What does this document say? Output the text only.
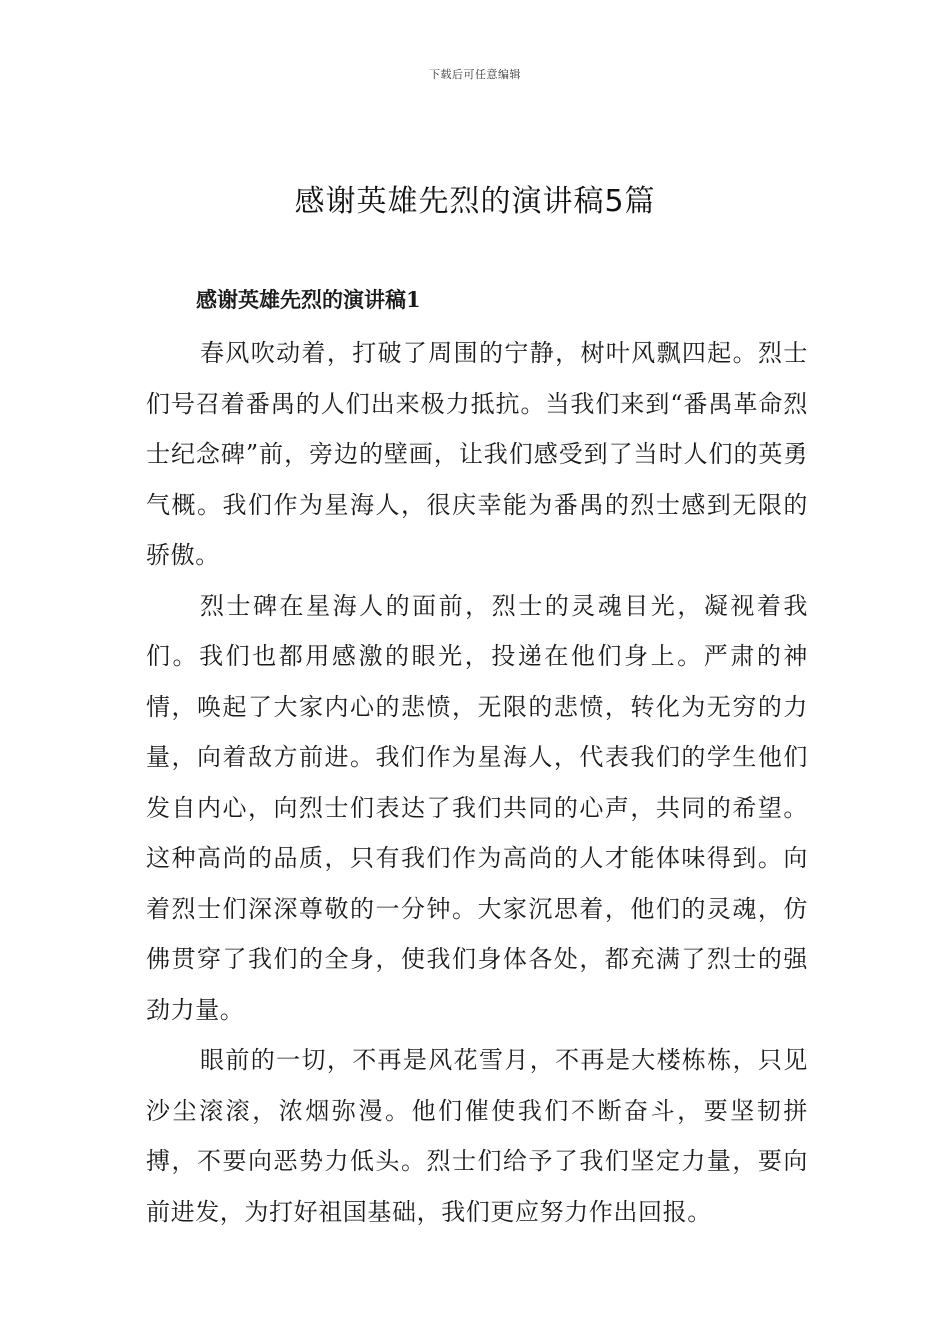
下载后可任意编辑
感谢英雄先烈的演讲稿5篇
感谢英雄先烈的演讲稿1

春风吹动着，打破了周围的宁静，树叶风飘四起。烈士们号召着番禺的人们出来极力抵抗。当我们来到“番禺革命烈士纪念碑”前，旁边的壁画，让我们感受到了当时人们的英勇气概。我们作为星海人，很庆幸能为番禺的烈士感到无限的骄傲。

烈士碑在星海人的面前，烈士的灵魂目光，凝视着我们。我们也都用感激的眼光，投递在他们身上。严肃的神情，唤起了大家内心的悲愤，无限的悲愤，转化为无穷的力量，向着敌方前进。我们作为星海人，代表我们的学生他们发自内心，向烈士们表达了我们共同的心声，共同的希望。这种高尚的品质，只有我们作为高尚的人才能体味得到。向着烈士们深深尊敬的一分钟。大家沉思着，他们的灵魂，仿佛贯穿了我们的全身，使我们身体各处，都充满了烈士的强劲力量。

眼前的一切，不再是风花雪月，不再是大楼栋栋，只见沙尘滚滚，浓烟弥漫。他们催使我们不断奋斗，要坚韧拼搏，不要向恶势力低头。烈士们给予了我们坚定力量，要向前进发，为打好祖国基础，我们更应努力作出回报。
